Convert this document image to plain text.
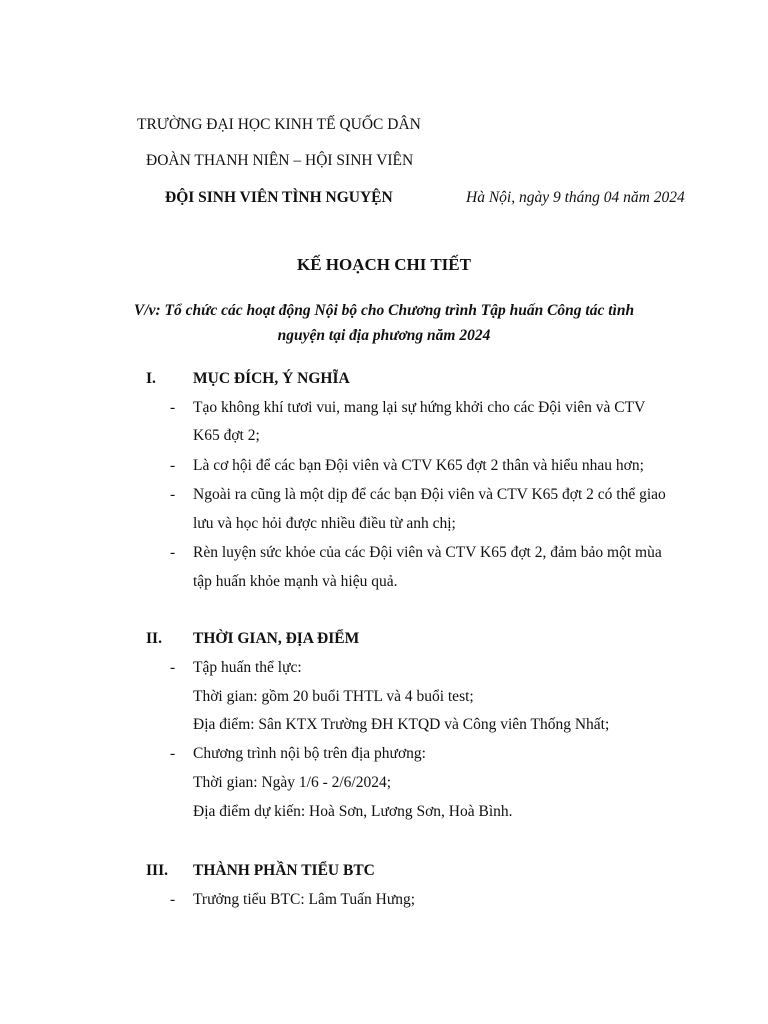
TRƯỜNG ĐẠI HỌC KINH TẾ QUỐC DÂN
ĐOÀN THANH NIÊN – HỘI SINH VIÊN
ĐỘI SINH VIÊN TÌNH NGUYỆN	Hà Nội, ngày 9 tháng 04 năm 2024
KẾ HOẠCH CHI TIẾT
V/v: Tổ chức các hoạt động Nội bộ cho Chương trình Tập huấn Công tác tình
nguyện tại địa phương năm 2024
I. MỤC ĐÍCH, Ý NGHĨA
- Tạo không khí tươi vui, mang lại sự hứng khởi cho các Đội viên và CTV
K65 đợt 2;
- Là cơ hội để các bạn Đội viên và CTV K65 đợt 2 thân và hiểu nhau hơn;
- Ngoài ra cũng là một dịp để các bạn Đội viên và CTV K65 đợt 2 có thể giao
lưu và học hỏi được nhiều điều từ anh chị;
- Rèn luyện sức khỏe của các Đội viên và CTV K65 đợt 2, đảm bảo một mùa
tập huấn khỏe mạnh và hiệu quả.
II. THỜI GIAN, ĐỊA ĐIỂM
- Tập huấn thể lực:
Thời gian: gồm 20 buổi THTL và 4 buổi test;
Địa điểm: Sân KTX Trường ĐH KTQD và Công viên Thống Nhất;
- Chương trình nội bộ trên địa phương:
Thời gian: Ngày 1/6 - 2/6/2024;
Địa điểm dự kiến: Hoà Sơn, Lương Sơn, Hoà Bình.
III. THÀNH PHẦN TIỂU BTC
- Trưởng tiểu BTC: Lâm Tuấn Hưng;
